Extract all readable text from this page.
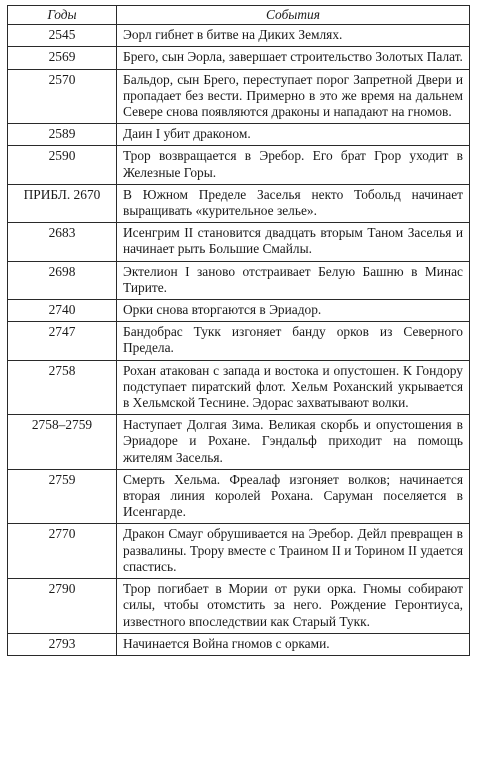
Годы	События
2545	Эорл гибнет в битве на Диких Землях.
2569	Брего, сын Эорла, завершает строительство Золотых Палат.
2570	Бальдор, сын Брего, переступает порог Запретной Двери и пропадает без вести. Примерно в это же время на дальнем Севере снова появляются драконы и нападают на гномов.
2589	Даин I убит драконом.
2590	Трор возвращается в Эребор. Его брат Грор уходит в Железные Горы.
ПРИБЛ. 2670	В Южном Пределе Заселья некто Тобольд начинает выращивать «курительное зелье».
2683	Исенгрим II становится двадцать вторым Таном Заселья и начинает рыть Большие Смайлы.
2698	Эктелион I заново отстраивает Белую Башню в Минас Тирите.
2740	Орки снова вторгаются в Эриадор.
2747	Бандобрас Тукк изгоняет банду орков из Северного Предела.
2758	Рохан атакован с запада и востока и опустошен. К Гондору подступает пиратский флот. Хельм Роханский укрывается в Хельмской Теснине. Эдорас захватывают волки.
2758–2759	Наступает Долгая Зима. Великая скорбь и опустошения в Эриадоре и Рохане. Гэндальф приходит на помощь жителям Заселья.
2759	Смерть Хельма. Фреалаф изгоняет волков; начинается вторая линия королей Рохана. Саруман поселяется в Исенгарде.
2770	Дракон Смауг обрушивается на Эребор. Дейл превращен в развалины. Трору вместе с Траином II и Торином II удается спастись.
2790	Трор погибает в Мории от руки орка. Гномы собирают силы, чтобы отомстить за него. Рождение Геронтиуса, известного впоследствии как Старый Тукк.
2793	Начинается Война гномов с орками.
